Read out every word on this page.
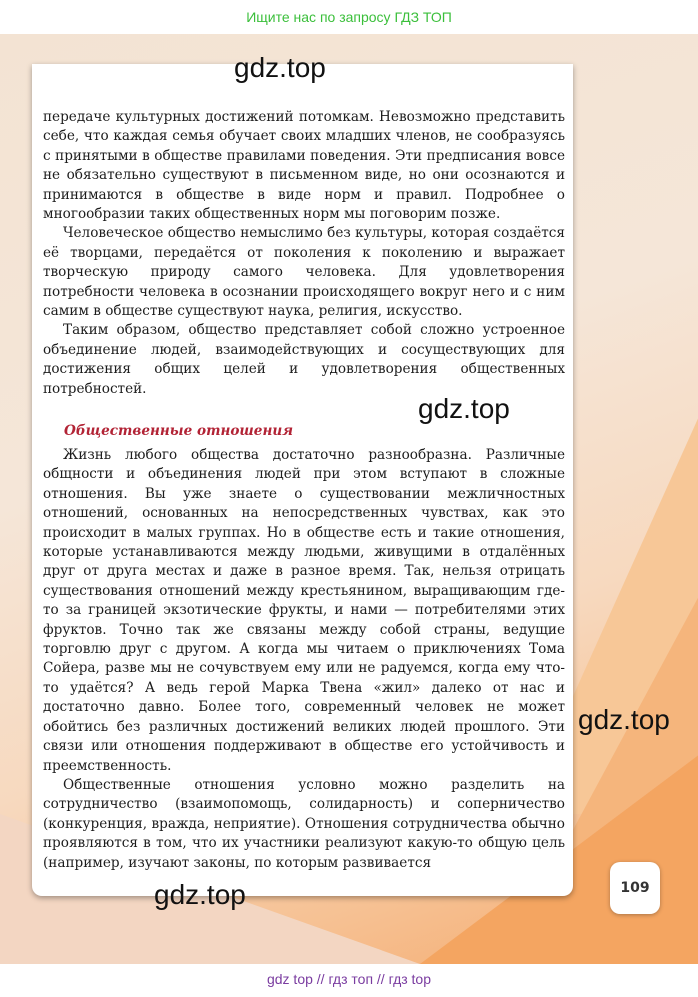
Ищите нас по запросу ГДЗ ТОП

передаче культурных достижений потомкам. Невозможно представить себе, что каждая семья обучает своих младших членов, не сообразуясь с принятыми в обществе правилами поведения. Эти предписания вовсе не обязательно существуют в письменном виде, но они осознаются и принимаются в обществе в виде норм и правил. Подробнее о многообразии таких общественных норм мы поговорим позже.

Человеческое общество немыслимо без культуры, которая создаётся её творцами, передаётся от поколения к поколению и выражает творческую природу самого человека. Для удовлетворения потребности человека в осознании происходящего вокруг него и с ним самим в обществе существуют наука, религия, искусство.

Таким образом, общество представляет собой сложно устроенное объединение людей, взаимодействующих и сосуществующих для достижения общих целей и удовлетворения общественных потребностей.

Общественные отношения

Жизнь любого общества достаточно разнообразна. Различные общности и объединения людей при этом вступают в сложные отношения. Вы уже знаете о существовании межличностных отношений, основанных на непосредственных чувствах, как это происходит в малых группах. Но в обществе есть и такие отношения, которые устанавливаются между людьми, живущими в отдалённых друг от друга местах и даже в разное время. Так, нельзя отрицать существования отношений между крестьянином, выращивающим где-то за границей экзотические фрукты, и нами — потребителями этих фруктов. Точно так же связаны между собой страны, ведущие торговлю друг с другом. А когда мы читаем о приключениях Тома Сойера, разве мы не сочувствуем ему или не радуемся, когда ему что-то удаётся? А ведь герой Марка Твена «жил» далеко от нас и достаточно давно. Более того, современный человек не может обойтись без различных достижений великих людей прошлого. Эти связи или отношения поддерживают в обществе его устойчивость и преемственность.

Общественные отношения условно можно разделить на сотрудничество (взаимопомощь, солидарность) и соперничество (конкуренция, вражда, неприятие). Отношения сотрудничества обычно проявляются в том, что их участники реализуют какую-то общую цель (например, изучают законы, по которым развивается

gdz.top
gdz.top
gdz.top
gdz.top	109
gdz top // гдз топ // гдз top
